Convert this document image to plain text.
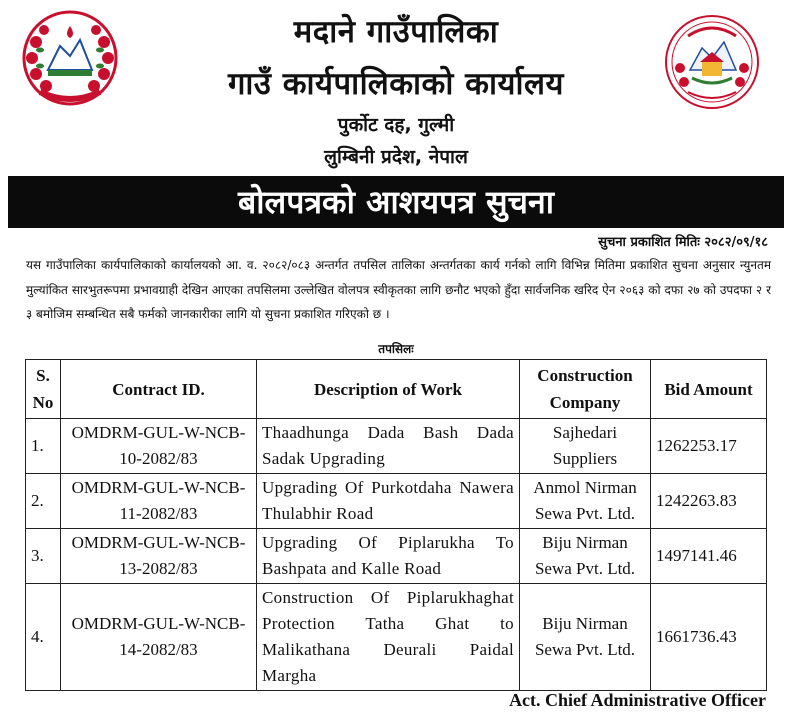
मदाने गाउँपालिका
गाउँ कार्यपालिकाको कार्यालय
पुर्कोट दह, गुल्मी
लुम्बिनी प्रदेश, नेपाल
बोलपत्रको आशयपत्र सुचना
सुचना प्रकाशित मितिः २०८२/०९/१८
यस गाउँपालिका कार्यपालिकाको कार्यालयको आ. व. २०८२/०८३ अन्तर्गत तपसिल तालिका अन्तर्गतका कार्य गर्नको लागि विभिन्न मितिमा प्रकाशित सुचना अनुसार न्युनतम मुल्यांकित सारभुतरूपमा प्रभावग्राही देखिन आएका तपसिलमा उल्लेखित वोलपत्र स्वीकृतका लागि छनौट भएको हुँदा सार्वजनिक खरिद ऐन २०६३ को दफा २७ को उपदफा २ र ३ बमोजिम सम्बन्धित सबै फर्मको जानकारीका लागि यो सुचना प्रकाशित गरिएको छ ।
तपसिलः
S. No	Contract ID.	Description of Work	Construction Company	Bid Amount
1.	OMDRM-GUL-W-NCB-10-2082/83	Thaadhunga Dada Bash Dada Sadak Upgrading	Sajhedari Suppliers	1262253.17
2.	OMDRM-GUL-W-NCB-11-2082/83	Upgrading Of Purkotdaha Nawera Thulabhir Road	Anmol Nirman Sewa Pvt. Ltd.	1242263.83
3.	OMDRM-GUL-W-NCB-13-2082/83	Upgrading Of Piplarukha To Bashpata and Kalle Road	Biju Nirman Sewa Pvt. Ltd.	1497141.46
4.	OMDRM-GUL-W-NCB-14-2082/83	Construction Of Piplarukhaghat Protection Tatha Ghat to Malikathana Deurali Paidal Margha	Biju Nirman Sewa Pvt. Ltd.	1661736.43
Act. Chief Administrative Officer
